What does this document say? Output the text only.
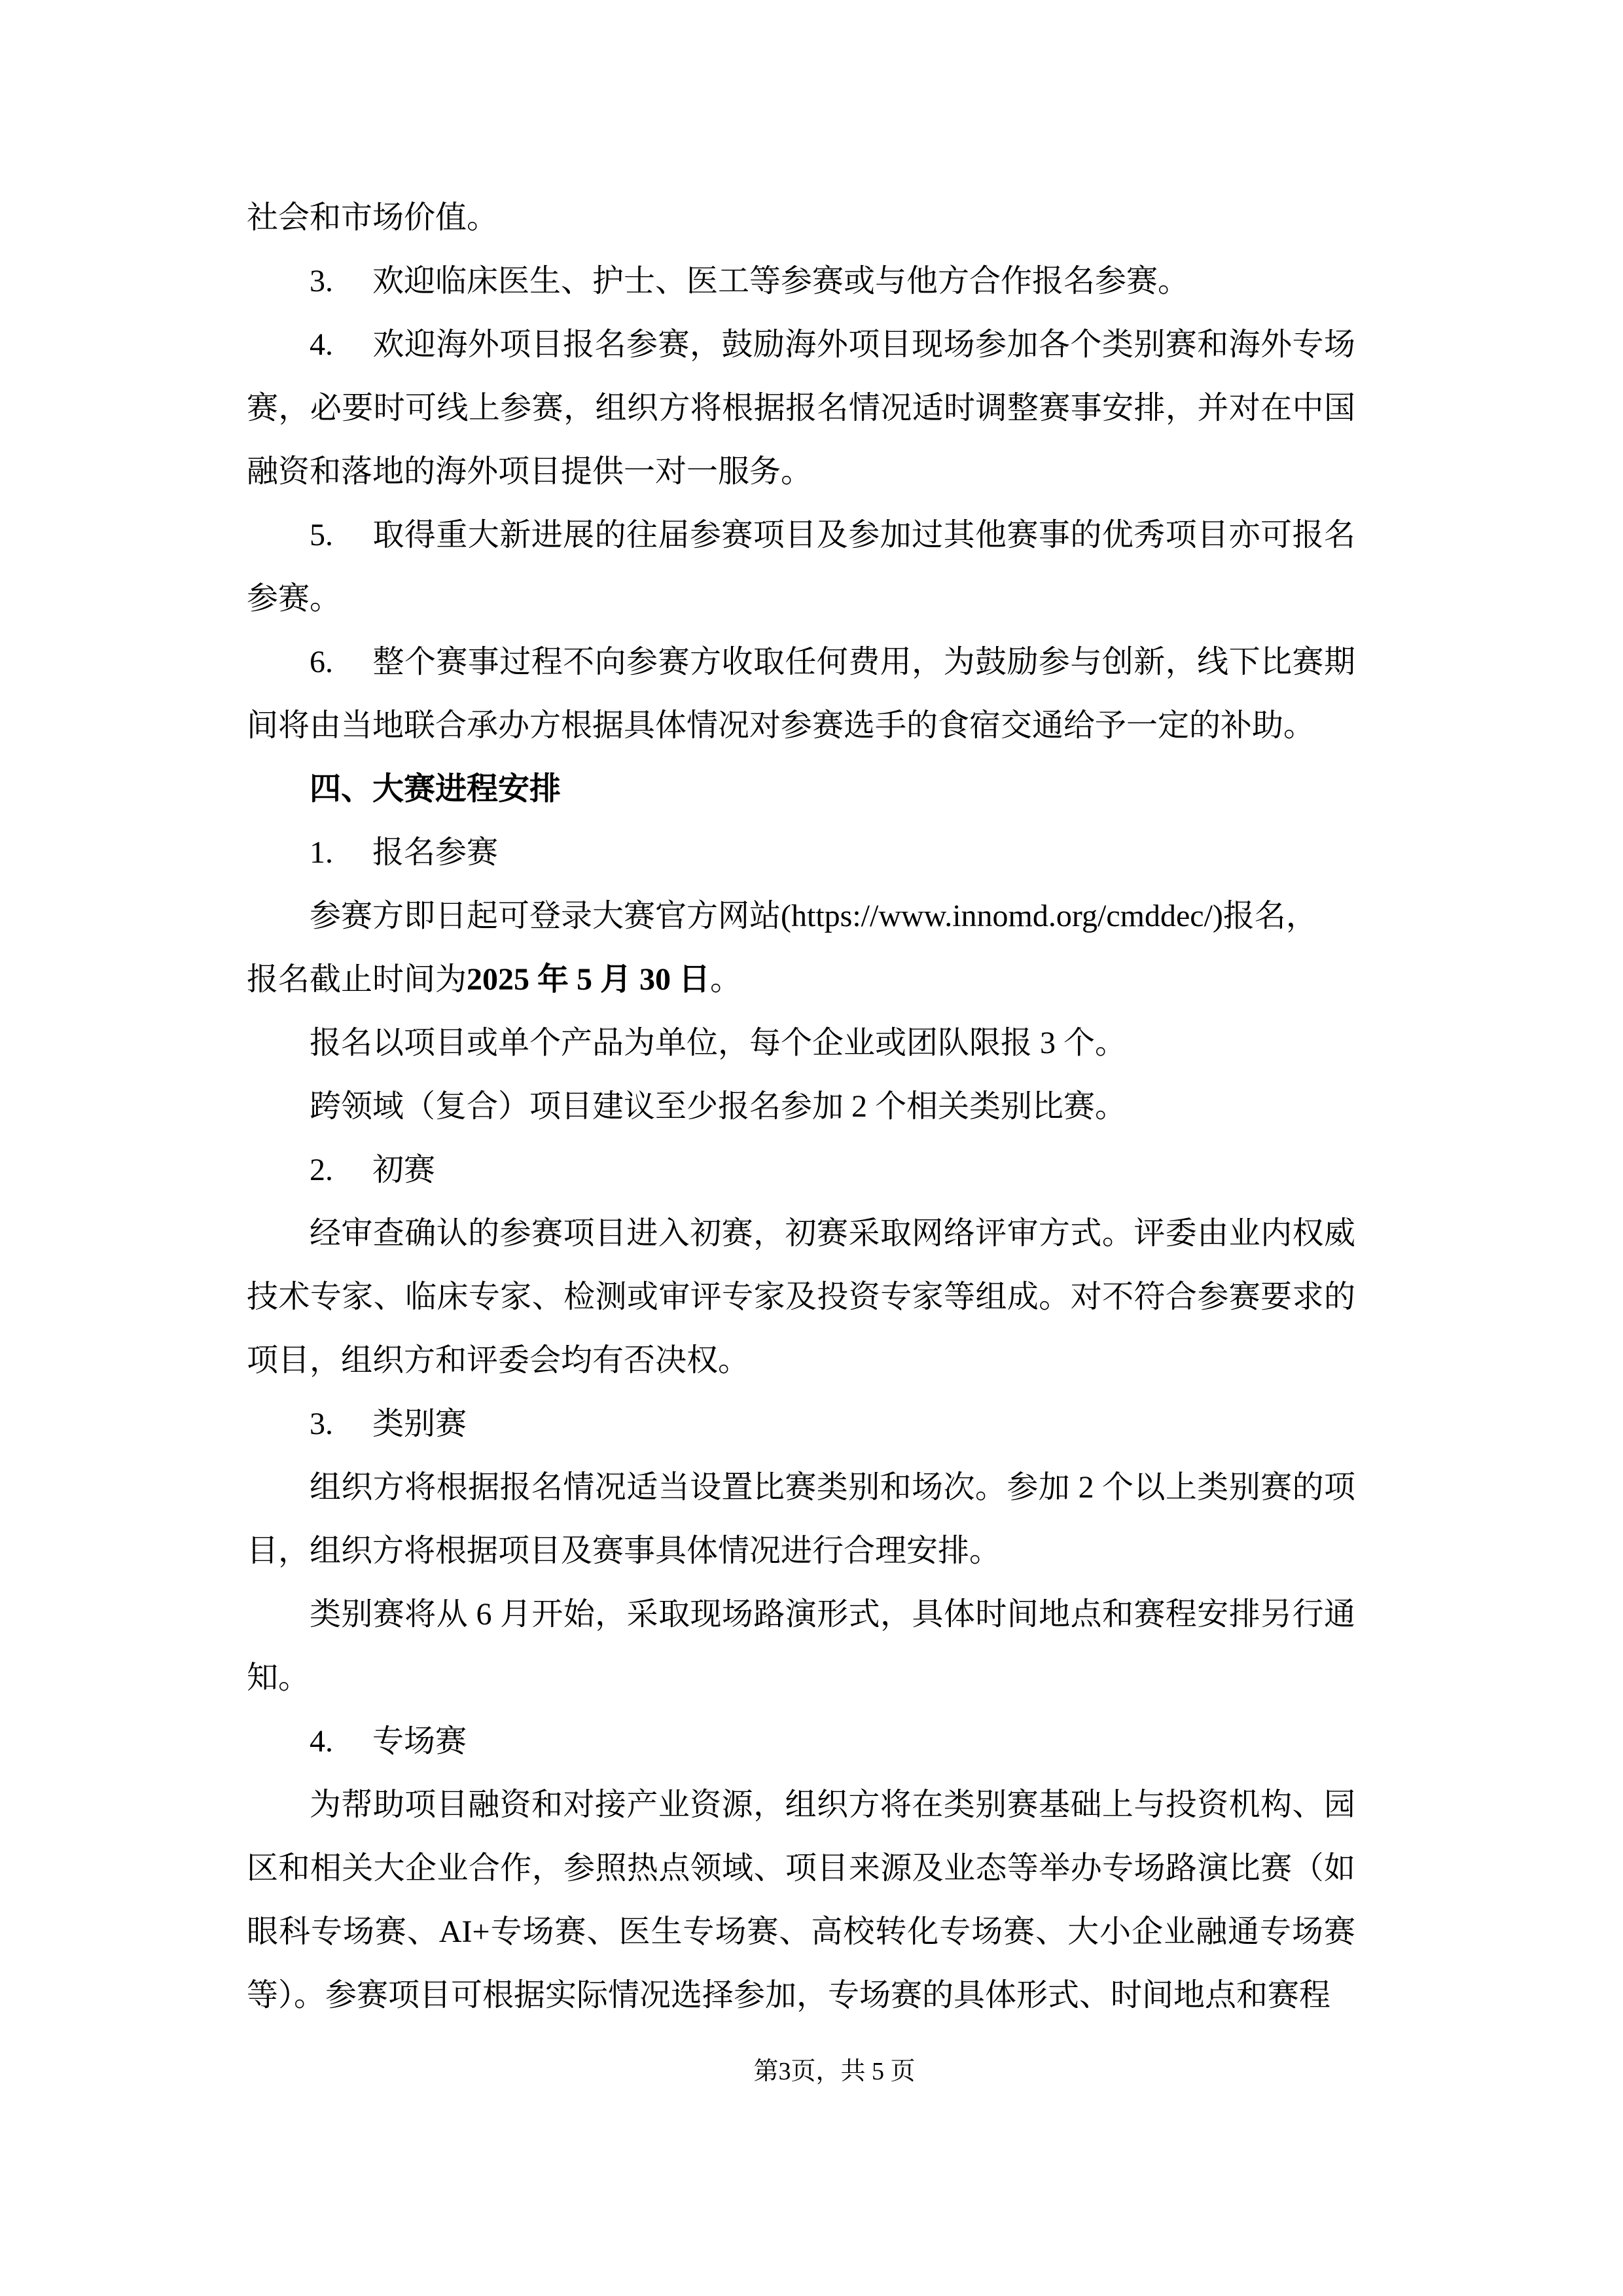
社会和市场价值。

3. 欢迎临床医生、护士、医工等参赛或与他方合作报名参赛。

4. 欢迎海外项目报名参赛，鼓励海外项目现场参加各个类别赛和海外专场赛，必要时可线上参赛，组织方将根据报名情况适时调整赛事安排，并对在中国融资和落地的海外项目提供一对一服务。

5. 取得重大新进展的往届参赛项目及参加过其他赛事的优秀项目亦可报名参赛。

6. 整个赛事过程不向参赛方收取任何费用，为鼓励参与创新，线下比赛期间将由当地联合承办方根据具体情况对参赛选手的食宿交通给予一定的补助。

四、大赛进程安排

1. 报名参赛

参赛方即日起可登录大赛官方网站(https://www.innomd.org/cmddec/)报名，
报名截止时间为2025 年 5 月 30 日。

报名以项目或单个产品为单位，每个企业或团队限报 3 个。

跨领域（复合）项目建议至少报名参加 2 个相关类别比赛。

2. 初赛

经审查确认的参赛项目进入初赛，初赛采取网络评审方式。评委由业内权威技术专家、临床专家、检测或审评专家及投资专家等组成。对不符合参赛要求的项目，组织方和评委会均有否决权。

3. 类别赛

组织方将根据报名情况适当设置比赛类别和场次。参加 2 个以上类别赛的项目，组织方将根据项目及赛事具体情况进行合理安排。

类别赛将从 6 月开始，采取现场路演形式，具体时间地点和赛程安排另行通知。

4. 专场赛

为帮助项目融资和对接产业资源，组织方将在类别赛基础上与投资机构、园区和相关大企业合作，参照热点领域、项目来源及业态等举办专场路演比赛（如眼科专场赛、AI+专场赛、医生专场赛、高校转化专场赛、大小企业融通专场赛等）。参赛项目可根据实际情况选择参加，专场赛的具体形式、时间地点和赛程

第3页，共 5 页
